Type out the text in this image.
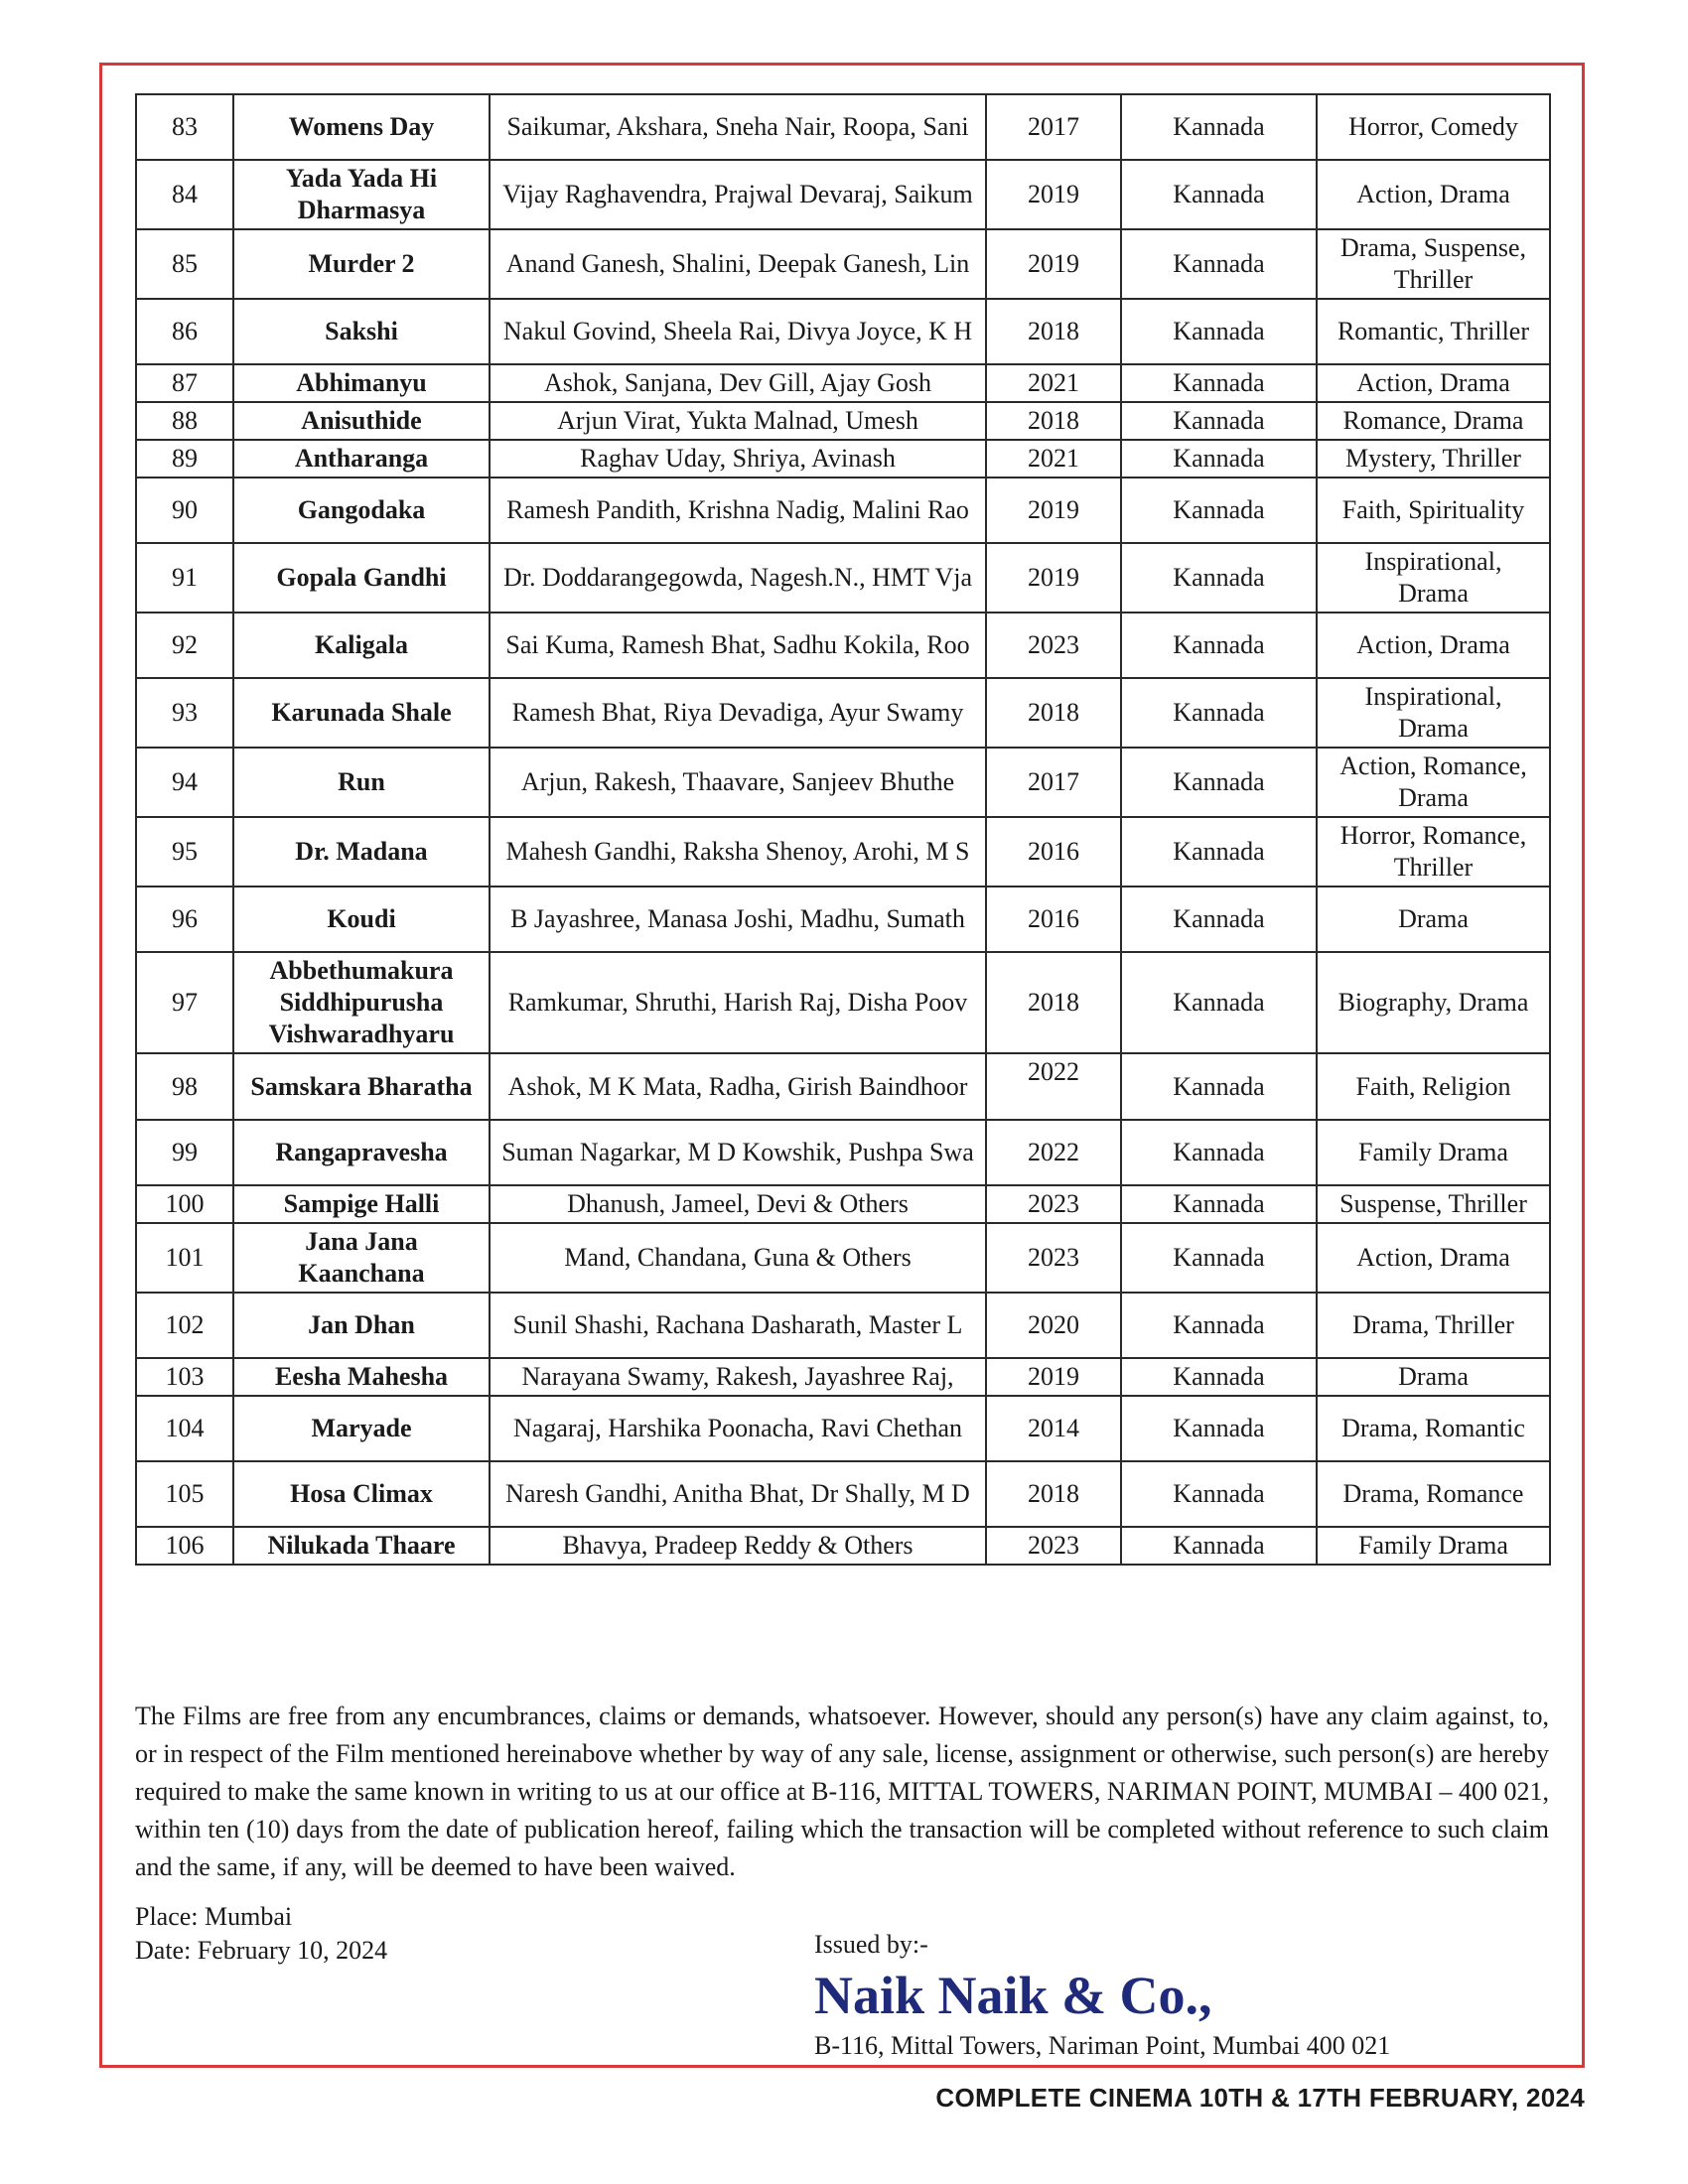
83	Womens Day	Saikumar, Akshara, Sneha Nair, Roopa, Sani	2017	Kannada	Horror, Comedy
84	Yada Yada Hi Dharmasya	Vijay Raghavendra, Prajwal Devaraj, Saikum	2019	Kannada	Action, Drama
85	Murder 2	Anand Ganesh, Shalini, Deepak Ganesh, Lin	2019	Kannada	Drama, Suspense, Thriller
86	Sakshi	Nakul Govind, Sheela Rai, Divya Joyce, K H	2018	Kannada	Romantic, Thriller
87	Abhimanyu	Ashok, Sanjana, Dev Gill, Ajay Gosh	2021	Kannada	Action, Drama
88	Anisuthide	Arjun Virat, Yukta Malnad, Umesh	2018	Kannada	Romance, Drama
89	Antharanga	Raghav Uday, Shriya, Avinash	2021	Kannada	Mystery, Thriller
90	Gangodaka	Ramesh Pandith, Krishna Nadig, Malini Rao	2019	Kannada	Faith, Spirituality
91	Gopala Gandhi	Dr. Doddarangegowda, Nagesh.N., HMT Vja	2019	Kannada	Inspirational, Drama
92	Kaligala	Sai Kuma, Ramesh Bhat, Sadhu Kokila, Roo	2023	Kannada	Action, Drama
93	Karunada Shale	Ramesh Bhat, Riya Devadiga, Ayur Swamy	2018	Kannada	Inspirational, Drama
94	Run	Arjun, Rakesh, Thaavare, Sanjeev Bhuthe	2017	Kannada	Action, Romance, Drama
95	Dr. Madana	Mahesh Gandhi, Raksha Shenoy, Arohi, M S	2016	Kannada	Horror, Romance, Thriller
96	Koudi	B Jayashree, Manasa Joshi, Madhu, Sumath	2016	Kannada	Drama
97	Abbethumakura Siddhipurusha Vishwaradhyaru	Ramkumar, Shruthi, Harish Raj, Disha Poov	2018	Kannada	Biography, Drama
98	Samskara Bharatha	Ashok, M K Mata, Radha, Girish Baindhoor	2022	Kannada	Faith, Religion
99	Rangapravesha	Suman Nagarkar, M D Kowshik, Pushpa Swa	2022	Kannada	Family Drama
100	Sampige Halli	Dhanush, Jameel, Devi & Others	2023	Kannada	Suspense, Thriller
101	Jana Jana Kaanchana	Mand, Chandana, Guna & Others	2023	Kannada	Action, Drama
102	Jan Dhan	Sunil Shashi, Rachana Dasharath, Master L	2020	Kannada	Drama, Thriller
103	Eesha Mahesha	Narayana Swamy, Rakesh, Jayashree Raj,	2019	Kannada	Drama
104	Maryade	Nagaraj, Harshika Poonacha, Ravi Chethan	2014	Kannada	Drama, Romantic
105	Hosa Climax	Naresh Gandhi, Anitha Bhat, Dr Shally, M D	2018	Kannada	Drama, Romance
106	Nilukada Thaare	Bhavya, Pradeep Reddy & Others	2023	Kannada	Family Drama
The Films are free from any encumbrances, claims or demands, whatsoever. However, should any person(s) have any claim against, to, or in respect of the Film mentioned hereinabove whether by way of any sale, license, assignment or otherwise, such person(s) are hereby required to make the same known in writing to us at our office at B-116, MITTAL TOWERS, NARIMAN POINT, MUMBAI – 400 021, within ten (10) days from the date of publication hereof, failing which the transaction will be completed without reference to such claim and the same, if any, will be deemed to have been waived.
Place: Mumbai
Date: February 10, 2024	Issued by:-
Naik Naik & Co.,
B-116, Mittal Towers, Nariman Point, Mumbai 400 021
COMPLETE CINEMA 10TH & 17TH FEBRUARY, 2024
